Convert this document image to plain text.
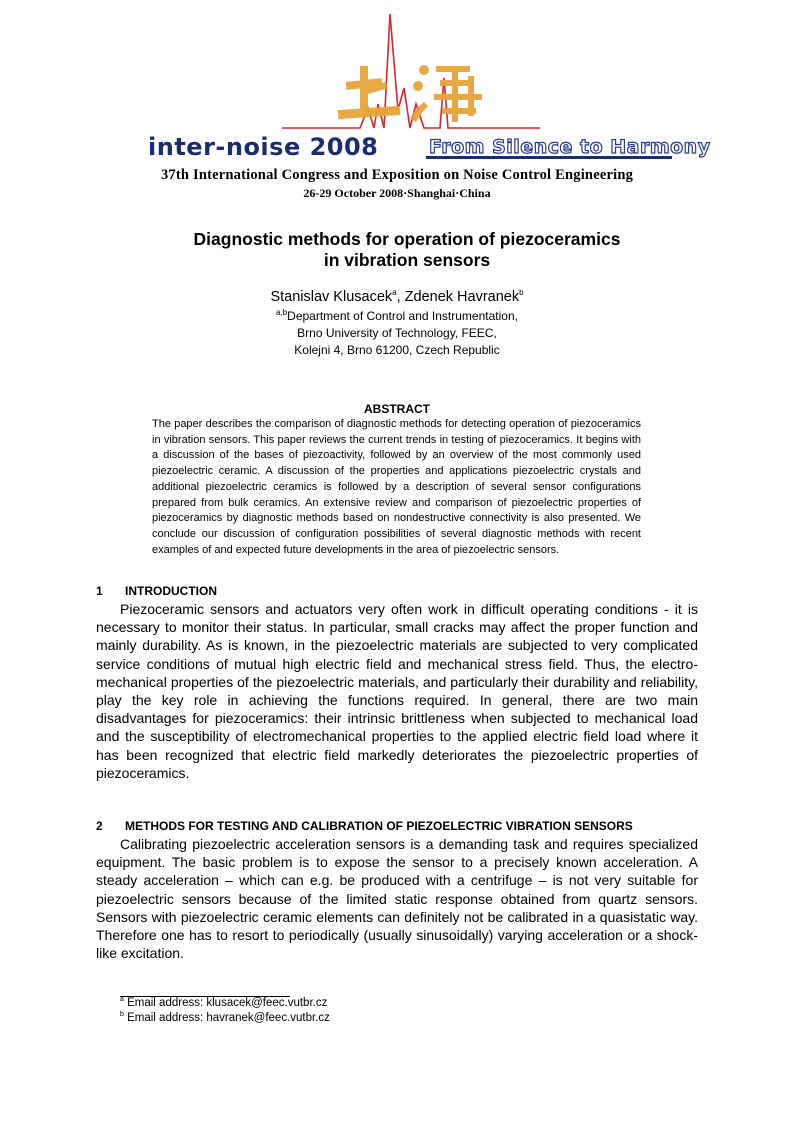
inter-noise 2008	From Silence to Harmony
37th International Congress and Exposition on Noise Control Engineering
26-29 October 2008·Shanghai·China
Diagnostic methods for operation of piezoceramics
in vibration sensors
Stanislav Klusacek$^a$, Zdenek Havranek$^b$
$^{a,b}$Department of Control and Instrumentation,
Brno University of Technology, FEEC,
Kolejni 4, Brno 61200, Czech Republic
ABSTRACT
The paper describes the comparison of diagnostic methods for detecting operation of piezoceramics in vibration sensors. This paper reviews the current trends in testing of piezoceramics. It begins with a discussion of the bases of piezoactivity, followed by an overview of the most commonly used piezoelectric ceramic. A discussion of the properties and applications piezoelectric crystals and additional piezoelectric ceramics is followed by a description of several sensor configurations prepared from bulk ceramics. An extensive review and comparison of piezoelectric properties of piezoceramics by diagnostic methods based on nondestructive connectivity is also presented. We conclude our discussion of configuration possibilities of several diagnostic methods with recent examples of and expected future developments in the area of piezoelectric sensors.
1 INTRODUCTION
Piezoceramic sensors and actuators very often work in difficult operating conditions - it is necessary to monitor their status. In particular, small cracks may affect the proper function and mainly durability. As is known, in the piezoelectric materials are subjected to very complicated service conditions of mutual high electric field and mechanical stress field. Thus, the electro-mechanical properties of the piezoelectric materials, and particularly their durability and reliability, play the key role in achieving the functions required. In general, there are two main disadvantages for piezoceramics: their intrinsic brittleness when subjected to mechanical load and the susceptibility of electromechanical properties to the applied electric field load where it has been recognized that electric field markedly deteriorates the piezoelectric properties of piezoceramics.
2 METHODS FOR TESTING AND CALIBRATION OF PIEZOELECTRIC VIBRATION SENSORS
Calibrating piezoelectric acceleration sensors is a demanding task and requires specialized equipment. The basic problem is to expose the sensor to a precisely known acceleration. A steady acceleration – which can e.g. be produced with a centrifuge – is not very suitable for piezoelectric sensors because of the limited static response obtained from quartz sensors. Sensors with piezoelectric ceramic elements can definitely not be calibrated in a quasistatic way. Therefore one has to resort to periodically (usually sinusoidally) varying acceleration or a shock-like excitation.
$^a$ Email address: klusacek@feec.vutbr.cz
$^b$ Email address: havranek@feec.vutbr.cz
